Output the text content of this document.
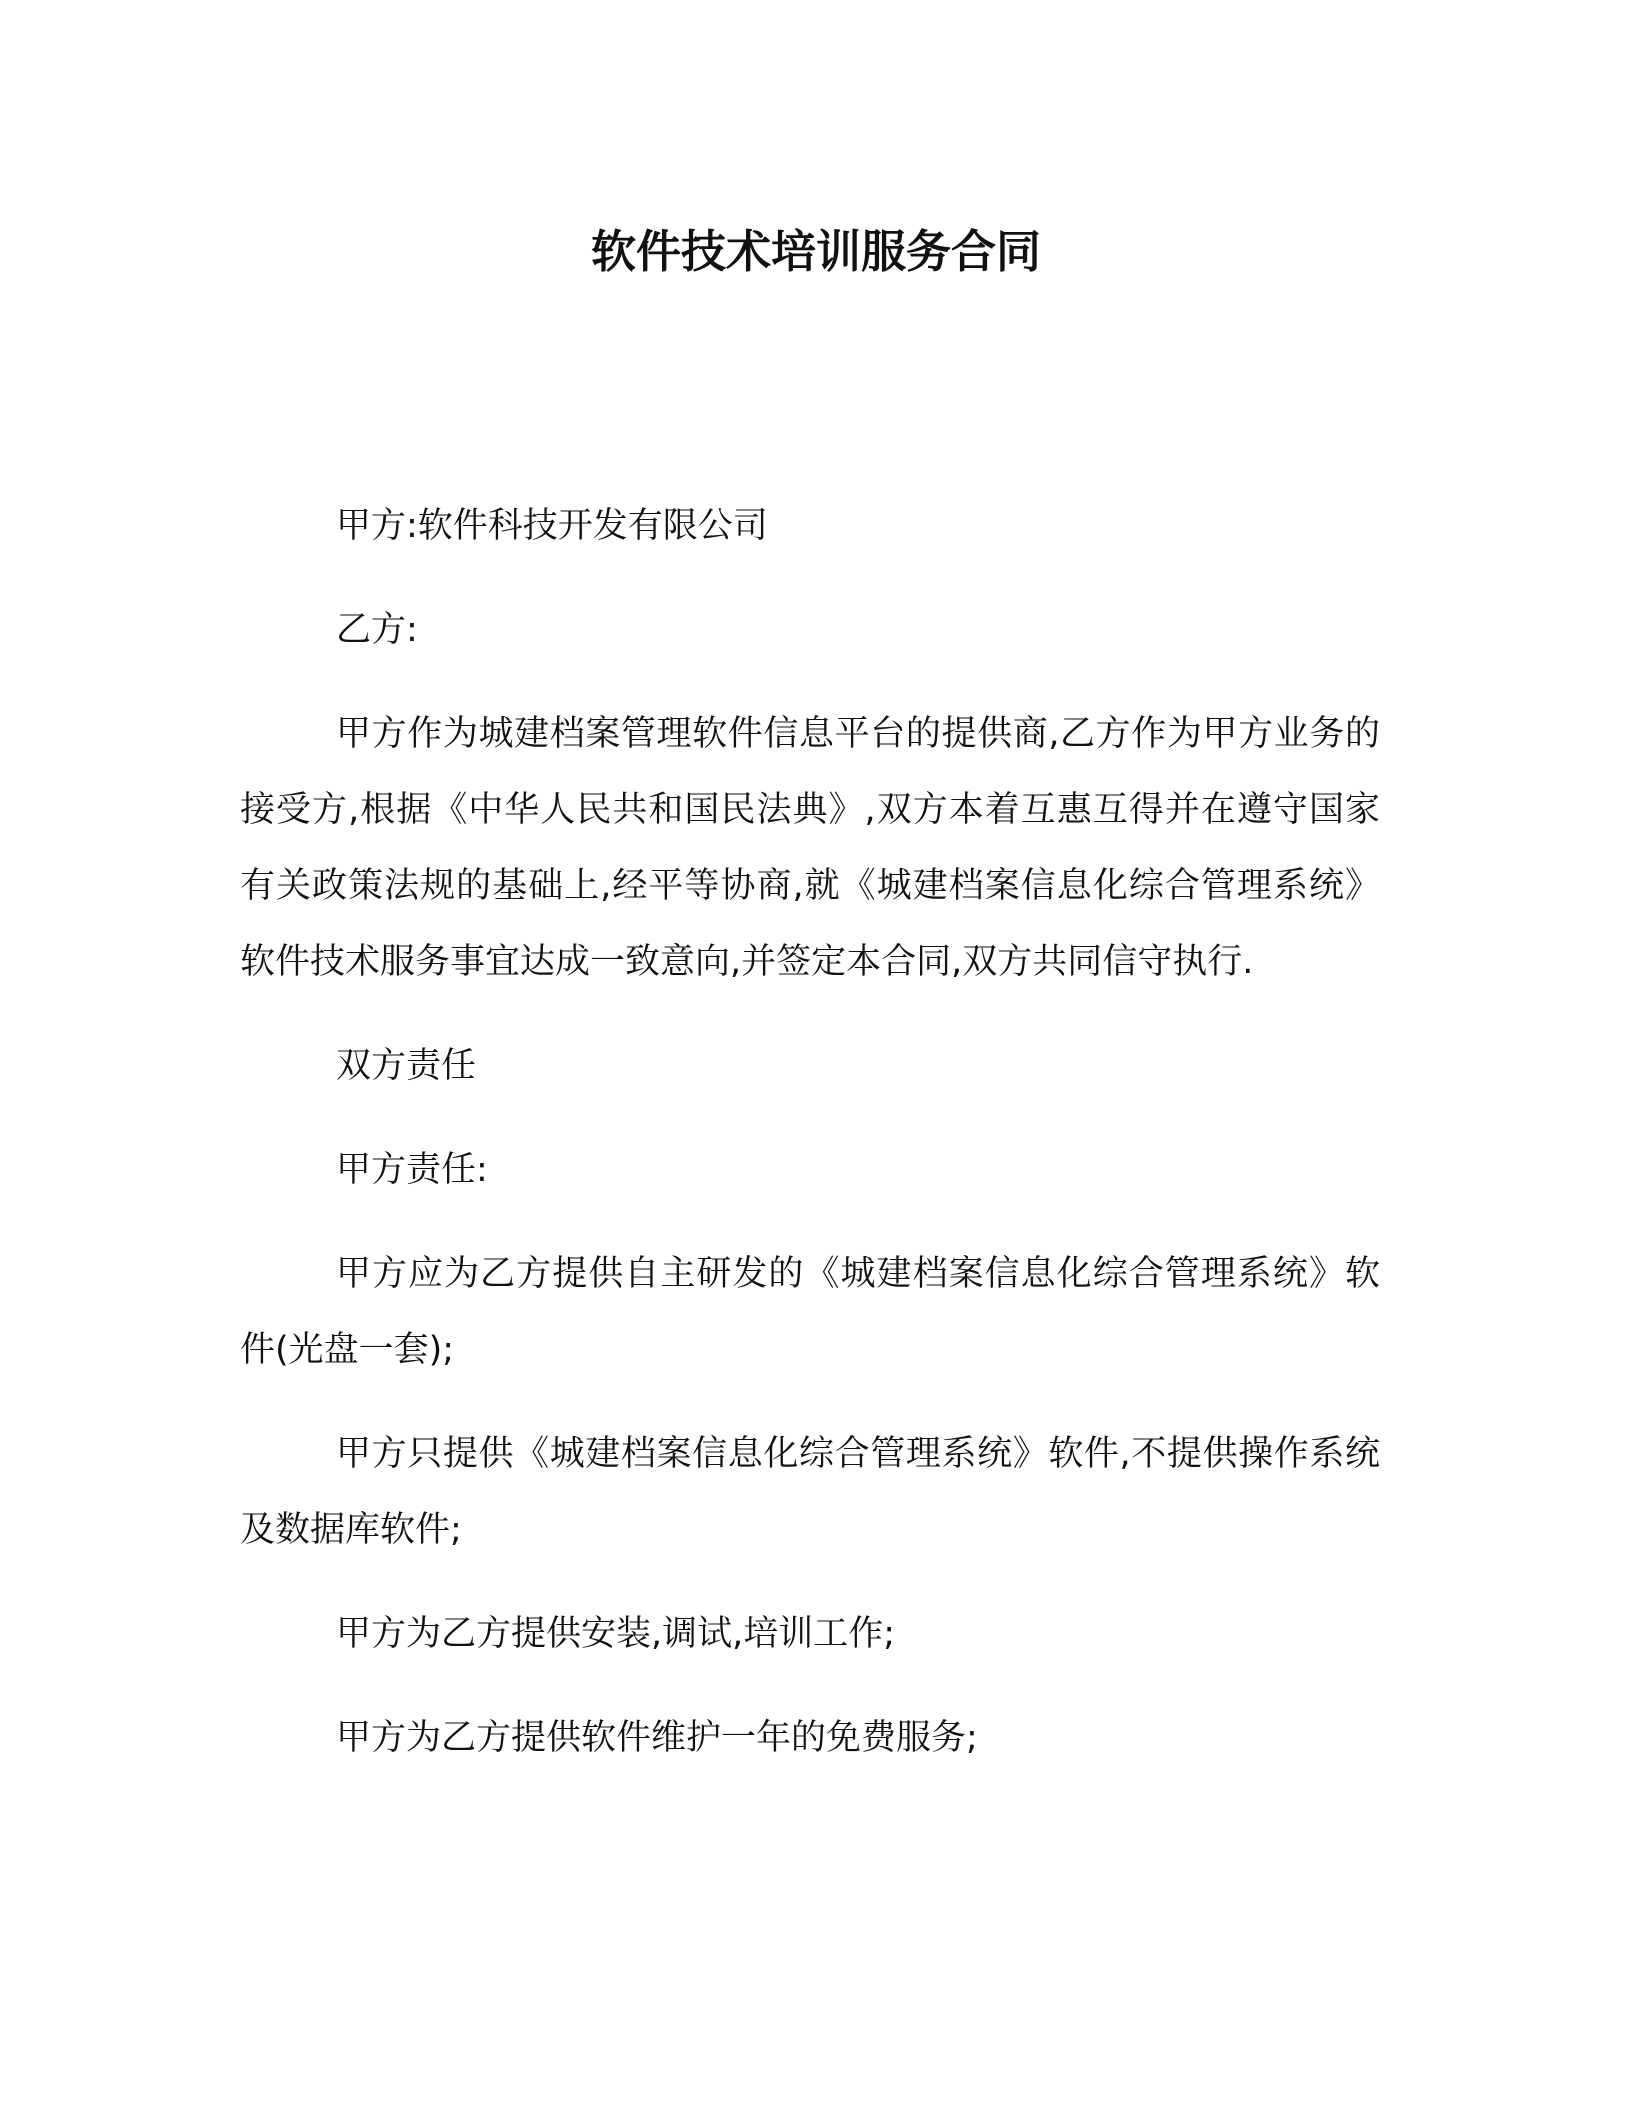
软件技术培训服务合同

甲方:软件科技开发有限公司

乙方:

甲方作为城建档案管理软件信息平台的提供商,乙方作为甲方业务的接受方,根据《中华人民共和国民法典》,双方本着互惠互得并在遵守国家有关政策法规的基础上,经平等协商,就《城建档案信息化综合管理系统》软件技术服务事宜达成一致意向,并签定本合同,双方共同信守执行.

双方责任

甲方责任:

甲方应为乙方提供自主研发的《城建档案信息化综合管理系统》软件(光盘一套);

甲方只提供《城建档案信息化综合管理系统》软件,不提供操作系统及数据库软件;

甲方为乙方提供安装,调试,培训工作;

甲方为乙方提供软件维护一年的免费服务;
